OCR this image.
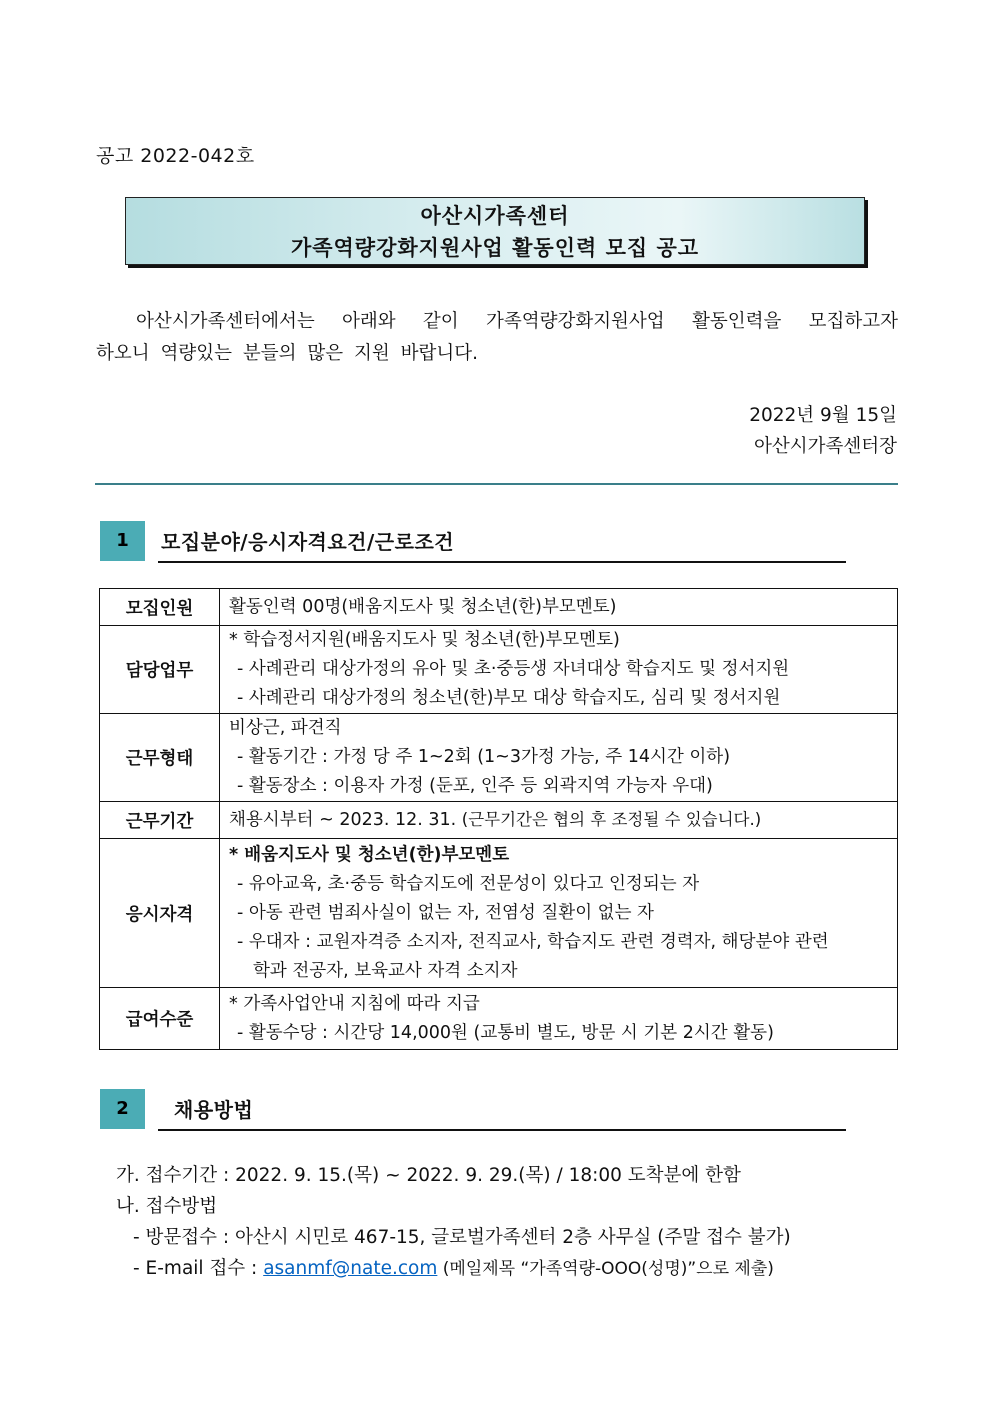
공고 2022-042호
아산시가족센터
가족역량강화지원사업 활동인력 모집 공고
아산시가족센터에서는 아래와 같이 가족역량강화지원사업 활동인력을 모집하고자
하오니 역량있는 분들의 많은 지원 바랍니다.
2022년 9월 15일
아산시가족센터장
1	모집분야/응시자격요건/근로조건
모집인원	활동인력 00명(배움지도사 및 청소년(한)부모멘토)

담당업무	* 학습정서지원(배움지도사 및 청소년(한)부모멘토)
- 사례관리 대상가정의 유아 및 초·중등생 자녀대상 학습지도 및 정서지원
- 사례관리 대상가정의 청소년(한)부모 대상 학습지도, 심리 및 정서지원

근무형태	비상근, 파견직
- 활동기간 : 가정 당 주 1~2회 (1~3가정 가능, 주 14시간 이하)
- 활동장소 : 이용자 가정 (둔포, 인주 등 외곽지역 가능자 우대)

근무기간	채용시부터 ~ 2023. 12. 31. (근무기간은 협의 후 조정될 수 있습니다.)
응시자격	* 배움지도사 및 청소년(한)부모멘토
- 유아교육, 초·중등 학습지도에 전문성이 있다고 인정되는 자
- 아동 관련 범죄사실이 없는 자, 전염성 질환이 없는 자
- 우대자 : 교원자격증 소지자, 전직교사, 학습지도 관련 경력자, 해당분야 관련
학과 전공자, 보육교사 자격 소지자

급여수준	* 가족사업안내 지침에 따라 지급
- 활동수당 : 시간당 14,000원 (교통비 별도, 방문 시 기본 2시간 활동)
2	채용방법
가. 접수기간 : 2022. 9. 15.(목) ~ 2022. 9. 29.(목) / 18:00 도착분에 한함
나. 접수방법
- 방문접수 : 아산시 시민로 467-15, 글로벌가족센터 2층 사무실 (주말 접수 불가)
- E-mail 접수 : asanmf@nate.com (메일제목 “가족역량-OOO(성명)”으로 제출)
